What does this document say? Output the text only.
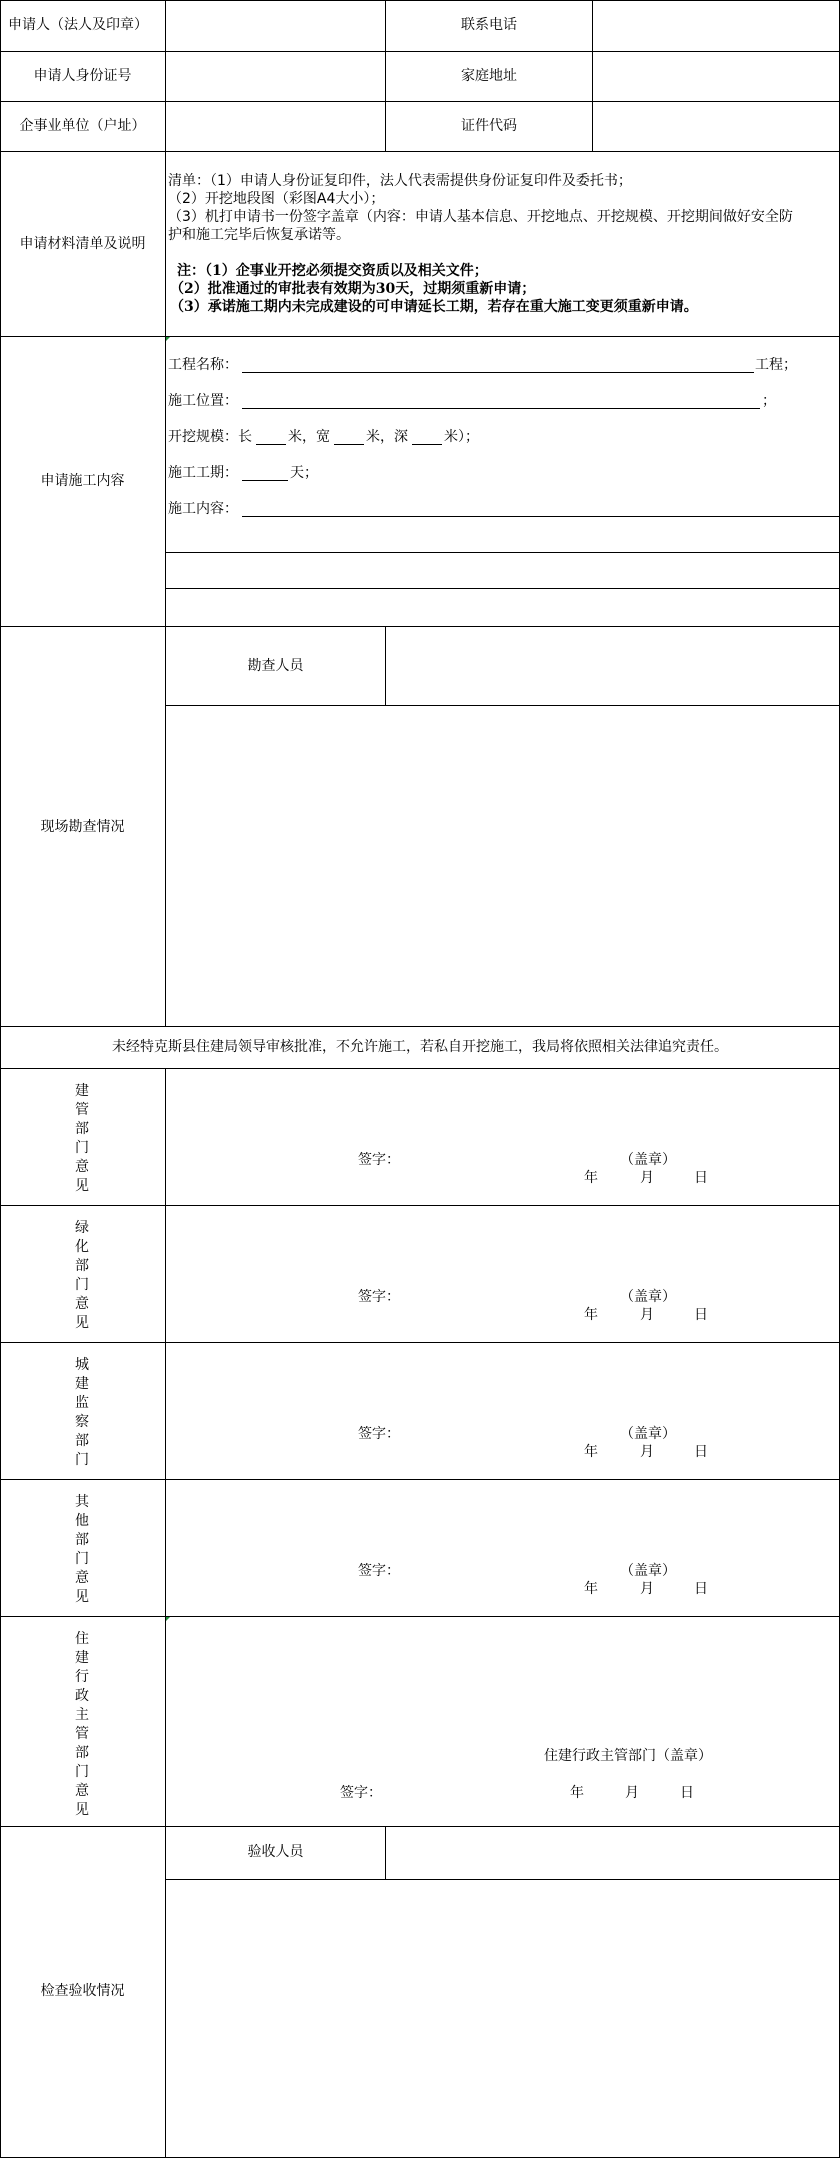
申请人（法人及印章）	联系电话
申请人身份证号	家庭地址
企事业单位（户址）	证件代码
申请材料清单及说明
清单：（1）申请人身份证复印件，法人代表需提供身份证复印件及委托书；
（2）开挖地段图（彩图A4大小）；
（3）机打申请书一份签字盖章（内容：申请人基本信息、开挖地点、开挖规模、开挖期间做好安全防
护和施工完毕后恢复承诺等。
注：（1）企事业开挖必须提交资质以及相关文件；
（2）批准通过的审批表有效期为30天，过期须重新申请；
（3）承诺施工期内未完成建设的可申请延长工期，若存在重大施工变更须重新申请。
申请施工内容
工程名称：	工程；
施工位置：	；
开挖规模：长	米，宽	米，深	米）；
施工工期：	天；
施工内容：
现场勘查情况
勘查人员
未经特克斯县住建局领导审核批准，不允许施工，若私自开挖施工，我局将依照相关法律追究责任。
建管部门意见
签字：	（盖章）
年	月	日
绿化部门意见
签字：	（盖章）
年	月	日
城建监察部门
签字：	（盖章）
年	月	日
其他部门意见
签字：	（盖章）
年	月	日
住建行政主管部门意见
住建行政主管部门（盖章）
签字：	年	月	日
检查验收情况
验收人员
